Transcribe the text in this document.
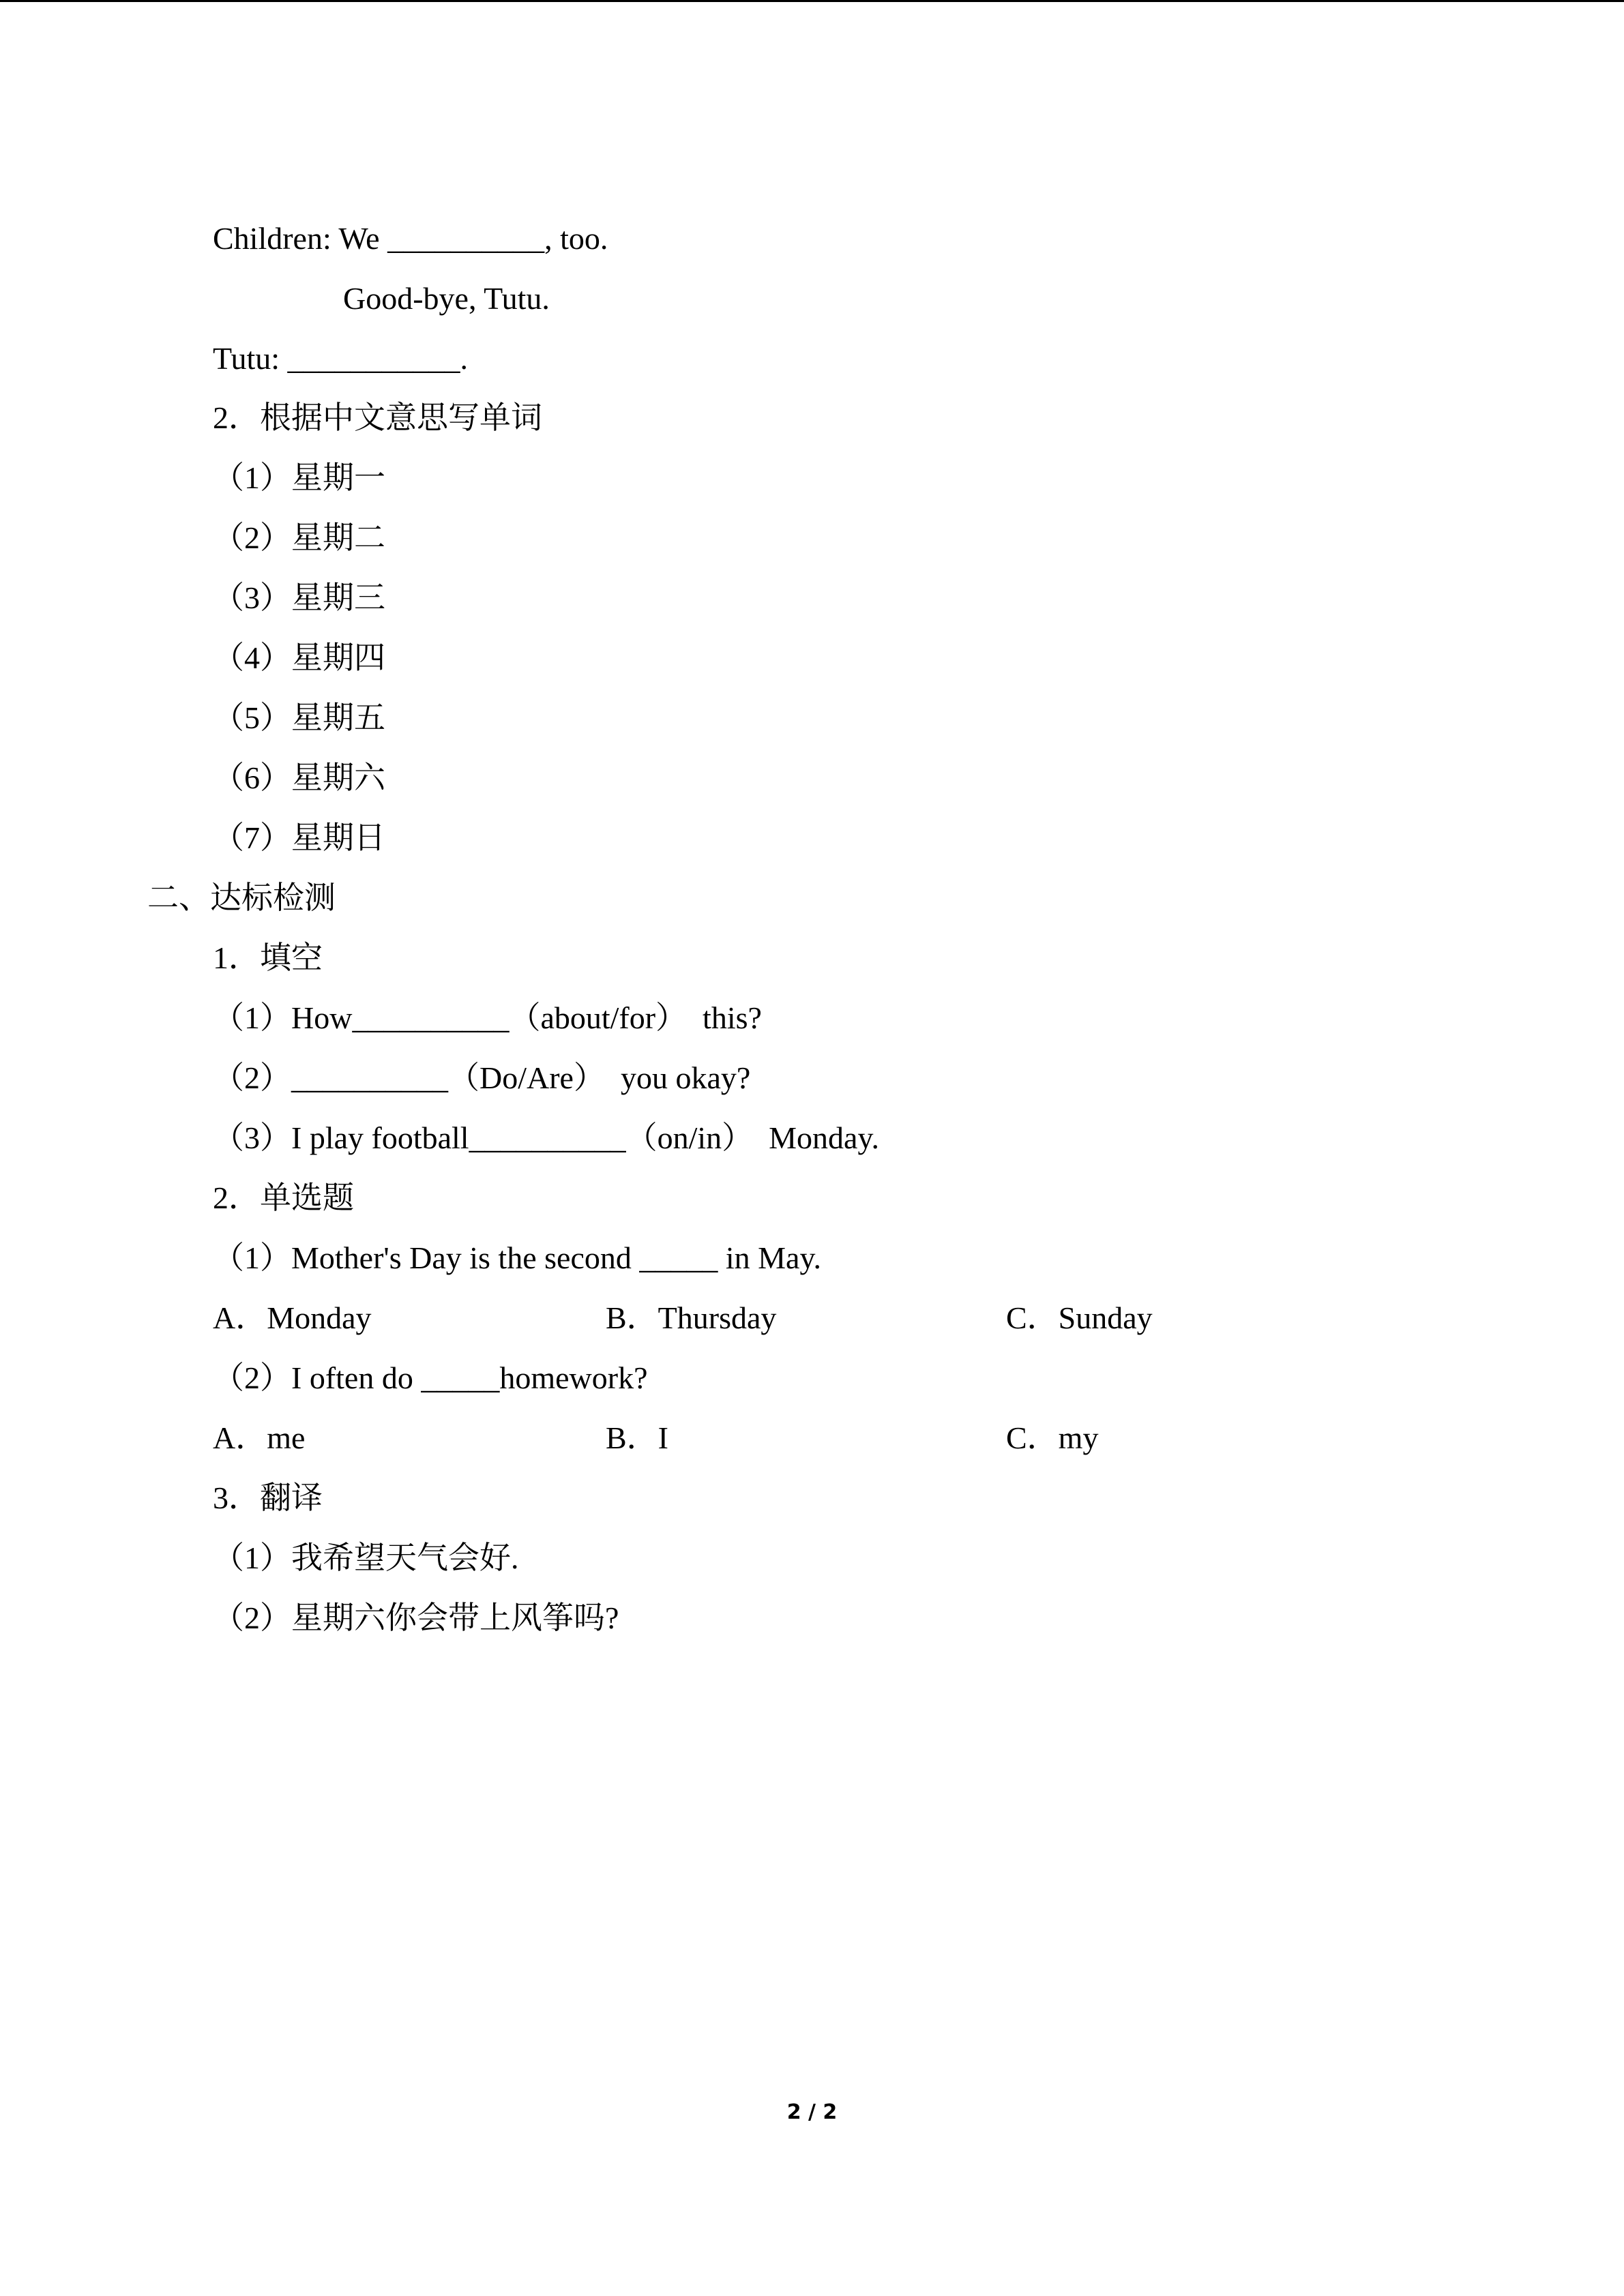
Children: We __________, too.
Good-bye, Tutu.
Tutu: ___________.
2．根据中文意思写单词
（1）星期一
（2）星期二
（3）星期三
（4）星期四
（5）星期五
（6）星期六
（7）星期日
二、达标检测
1．填空
（1）How__________（about/for）  this?
（2）__________（Do/Are）  you okay?
（3）I play football__________（on/in）  Monday.
2．单选题
（1）Mother's Day is the second _____ in May.
A．Monday	B．Thursday	C．Sunday
（2）I often do _____homework?
A．me	B．I	C．my
3．翻译
（1）我希望天气会好.
（2）星期六你会带上风筝吗?
2 / 2
